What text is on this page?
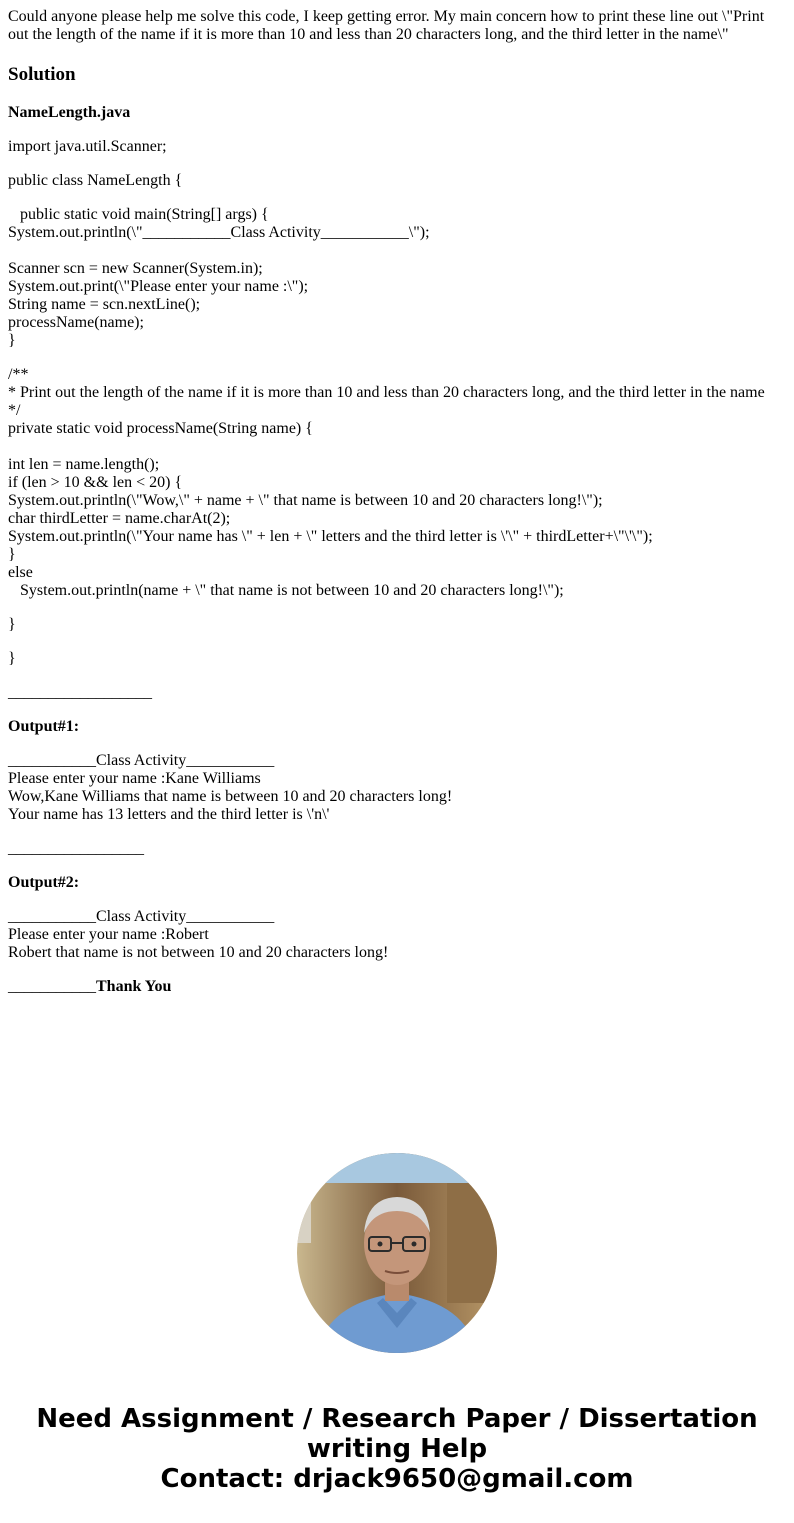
Could anyone please help me solve this code, I keep getting error. My main concern how to print these line out \"Print out the length of the name if it is more than 10 and less than 20 characters long, and the third letter in the name\"

Solution

NameLength.java

import java.util.Scanner;

public class NameLength {

public static void main(String[] args) {
System.out.println(\"___________Class Activity___________\");
Scanner scn = new Scanner(System.in);
System.out.print(\"Please enter your name :\");
String name = scn.nextLine();
processName(name);
}
/**
* Print out the length of the name if it is more than 10 and less than 20 characters long, and the third letter in the name
*/
private static void processName(String name) {
int len = name.length();
if (len > 10 && len < 20) {
System.out.println(\"Wow,\" + name + \" that name is between 10 and 20 characters long!\");
char thirdLetter = name.charAt(2);
System.out.println(\"Your name has \" + len + \" letters and the third letter is \'\" + thirdLetter+\"\'\");
}
else
System.out.println(name + \" that name is not between 10 and 20 characters long!\");

}

}

__________________

Output#1:

___________Class Activity___________
Please enter your name :Kane Williams
Wow,Kane Williams that name is between 10 and 20 characters long!
Your name has 13 letters and the third letter is \'n\'

_________________

Output#2:

___________Class Activity___________
Please enter your name :Robert
Robert that name is not between 10 and 20 characters long!

___________Thank You

Need Assignment / Research Paper / Dissertation
writing Help
Contact: drjack9650@gmail.com
